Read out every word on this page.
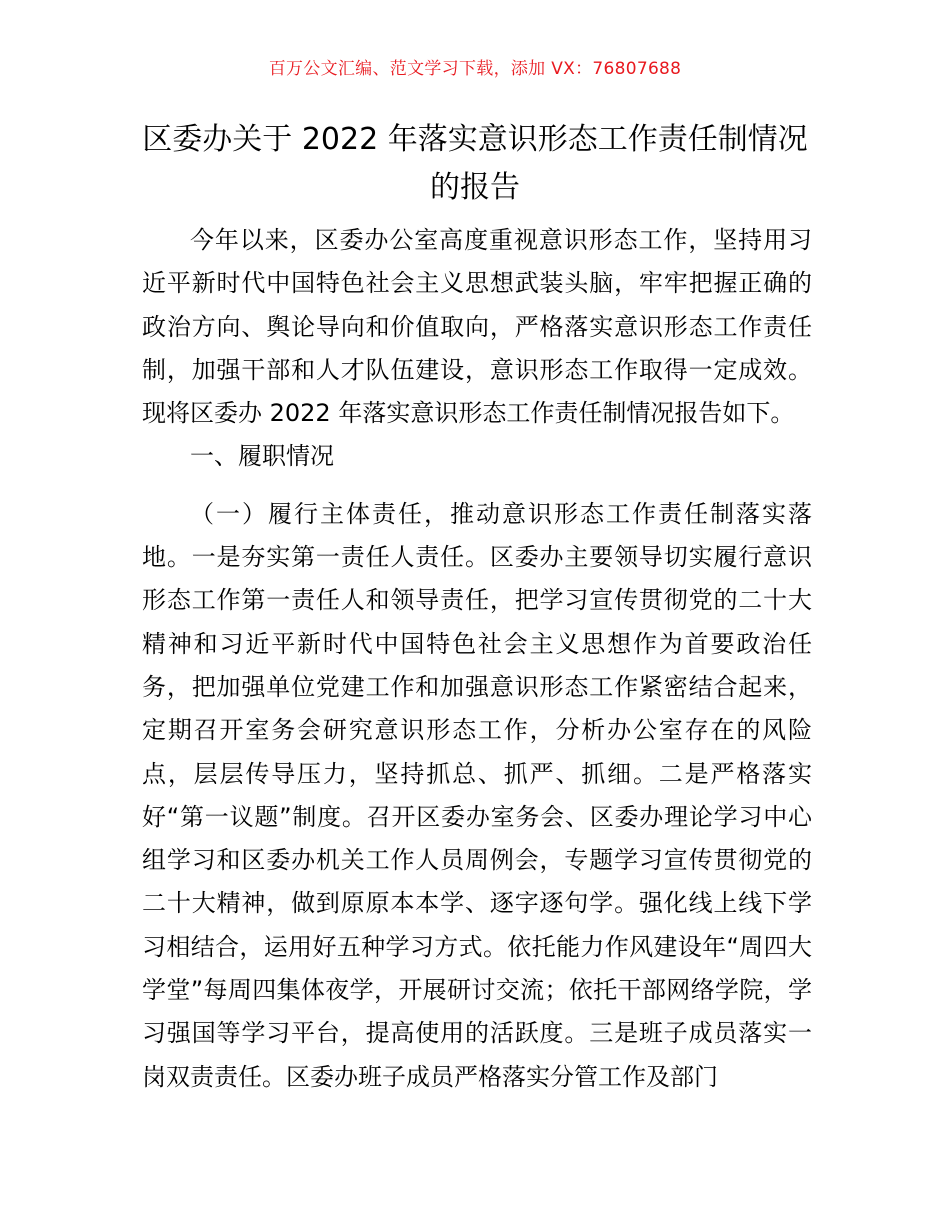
百万公文汇编、范文学习下载，添加 VX：76807688
区委办关于 2022 年落实意识形态工作责任制情况的报告

今年以来，区委办公室高度重视意识形态工作，坚持用习近平新时代中国特色社会主义思想武装头脑，牢牢把握正确的政治方向、舆论导向和价值取向，严格落实意识形态工作责任制，加强干部和人才队伍建设，意识形态工作取得一定成效。现将区委办 2022 年落实意识形态工作责任制情况报告如下。

一、履职情况

（一）履行主体责任，推动意识形态工作责任制落实落地。一是夯实第一责任人责任。区委办主要领导切实履行意识形态工作第一责任人和领导责任，把学习宣传贯彻党的二十大精神和习近平新时代中国特色社会主义思想作为首要政治任务，把加强单位党建工作和加强意识形态工作紧密结合起来，定期召开室务会研究意识形态工作，分析办公室存在的风险点，层层传导压力，坚持抓总、抓严、抓细。二是严格落实好“第一议题”制度。召开区委办室务会、区委办理论学习中心组学习和区委办机关工作人员周例会，专题学习宣传贯彻党的二十大精神，做到原原本本学、逐字逐句学。强化线上线下学习相结合，运用好五种学习方式。依托能力作风建设年“周四大学堂”每周四集体夜学，开展研讨交流；依托干部网络学院，学习强国等学习平台，提高使用的活跃度。三是班子成员落实一岗双责责任。区委办班子成员严格落实分管工作及部门
